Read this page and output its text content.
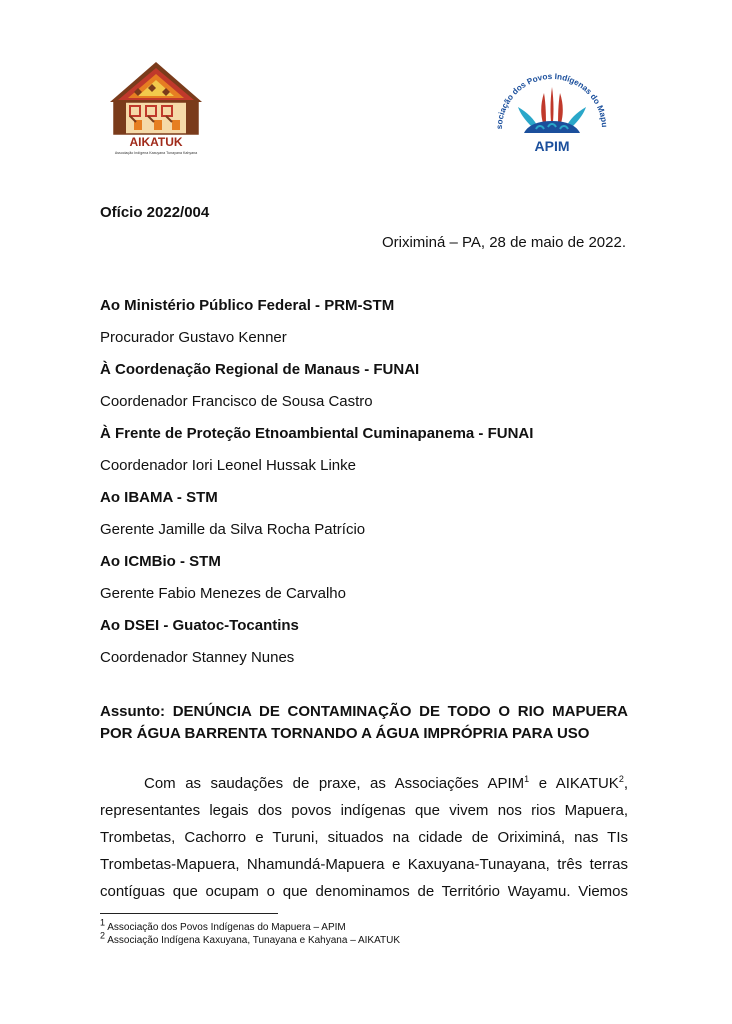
AIKATUK
Associação Indígena Kaxuyana Tunayana Kahyana
sociação dos Povos Indígenas do Mapu
APIM
Ofício 2022/004
Oriximiná – PA, 28 de maio de 2022.
Ao Ministério Público Federal - PRM-STM
Procurador Gustavo Kenner
À Coordenação Regional de Manaus - FUNAI
Coordenador Francisco de Sousa Castro
À Frente de Proteção Etnoambiental Cuminapanema - FUNAI
Coordenador Iori Leonel Hussak Linke
Ao IBAMA - STM
Gerente Jamille da Silva Rocha Patrício
Ao ICMBio - STM
Gerente Fabio Menezes de Carvalho
Ao DSEI - Guatoc-Tocantins
Coordenador Stanney Nunes
Assunto: DENÚNCIA DE CONTAMINAÇÃO DE TODO O RIO MAPUERA
POR ÁGUA BARRENTA TORNANDO A ÁGUA IMPRÓPRIA PARA USO
Com as saudações de praxe, as Associações APIM$^1$ e AIKATUK$^2$,
representantes legais dos povos indígenas que vivem nos rios Mapuera,
Trombetas, Cachorro e Turuni, situados na cidade de Oriximiná, nas TIs
Trombetas-Mapuera, Nhamundá-Mapuera e Kaxuyana-Tunayana, três terras
contíguas que ocupam o que denominamos de Território Wayamu. Viemos
$^1$ Associação dos Povos Indígenas do Mapuera – APIM
$^2$ Associação Indígena Kaxuyana, Tunayana e Kahyana – AIKATUK
